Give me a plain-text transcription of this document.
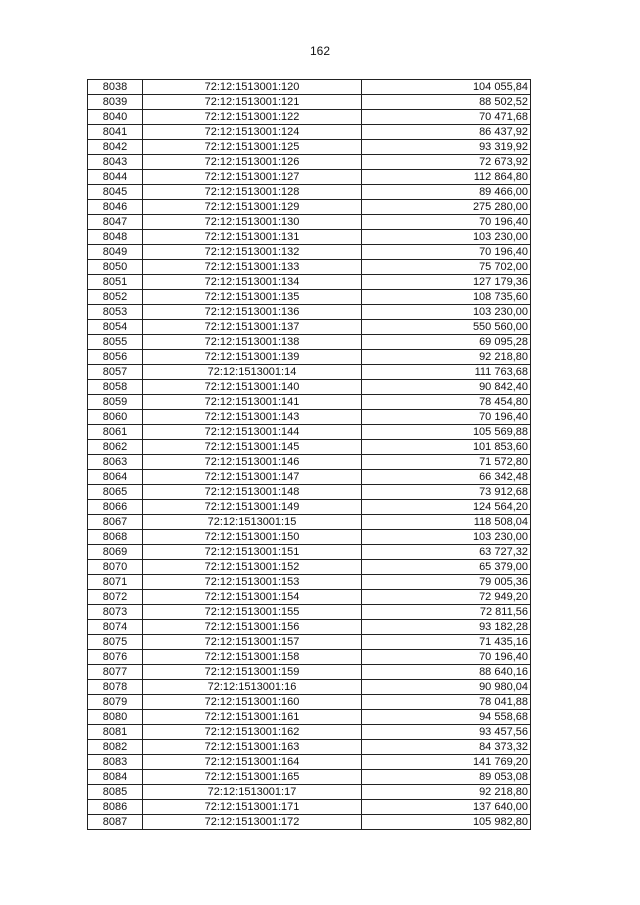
162
8038	72:12:1513001:120	104 055,84
8039	72:12:1513001:121	88 502,52
8040	72:12:1513001:122	70 471,68
8041	72:12:1513001:124	86 437,92
8042	72:12:1513001:125	93 319,92
8043	72:12:1513001:126	72 673,92
8044	72:12:1513001:127	112 864,80
8045	72:12:1513001:128	89 466,00
8046	72:12:1513001:129	275 280,00
8047	72:12:1513001:130	70 196,40
8048	72:12:1513001:131	103 230,00
8049	72:12:1513001:132	70 196,40
8050	72:12:1513001:133	75 702,00
8051	72:12:1513001:134	127 179,36
8052	72:12:1513001:135	108 735,60
8053	72:12:1513001:136	103 230,00
8054	72:12:1513001:137	550 560,00
8055	72:12:1513001:138	69 095,28
8056	72:12:1513001:139	92 218,80
8057	72:12:1513001:14	111 763,68
8058	72:12:1513001:140	90 842,40
8059	72:12:1513001:141	78 454,80
8060	72:12:1513001:143	70 196,40
8061	72:12:1513001:144	105 569,88
8062	72:12:1513001:145	101 853,60
8063	72:12:1513001:146	71 572,80
8064	72:12:1513001:147	66 342,48
8065	72:12:1513001:148	73 912,68
8066	72:12:1513001:149	124 564,20
8067	72:12:1513001:15	118 508,04
8068	72:12:1513001:150	103 230,00
8069	72:12:1513001:151	63 727,32
8070	72:12:1513001:152	65 379,00
8071	72:12:1513001:153	79 005,36
8072	72:12:1513001:154	72 949,20
8073	72:12:1513001:155	72 811,56
8074	72:12:1513001:156	93 182,28
8075	72:12:1513001:157	71 435,16
8076	72:12:1513001:158	70 196,40
8077	72:12:1513001:159	88 640,16
8078	72:12:1513001:16	90 980,04
8079	72:12:1513001:160	78 041,88
8080	72:12:1513001:161	94 558,68
8081	72:12:1513001:162	93 457,56
8082	72:12:1513001:163	84 373,32
8083	72:12:1513001:164	141 769,20
8084	72:12:1513001:165	89 053,08
8085	72:12:1513001:17	92 218,80
8086	72:12:1513001:171	137 640,00
8087	72:12:1513001:172	105 982,80
